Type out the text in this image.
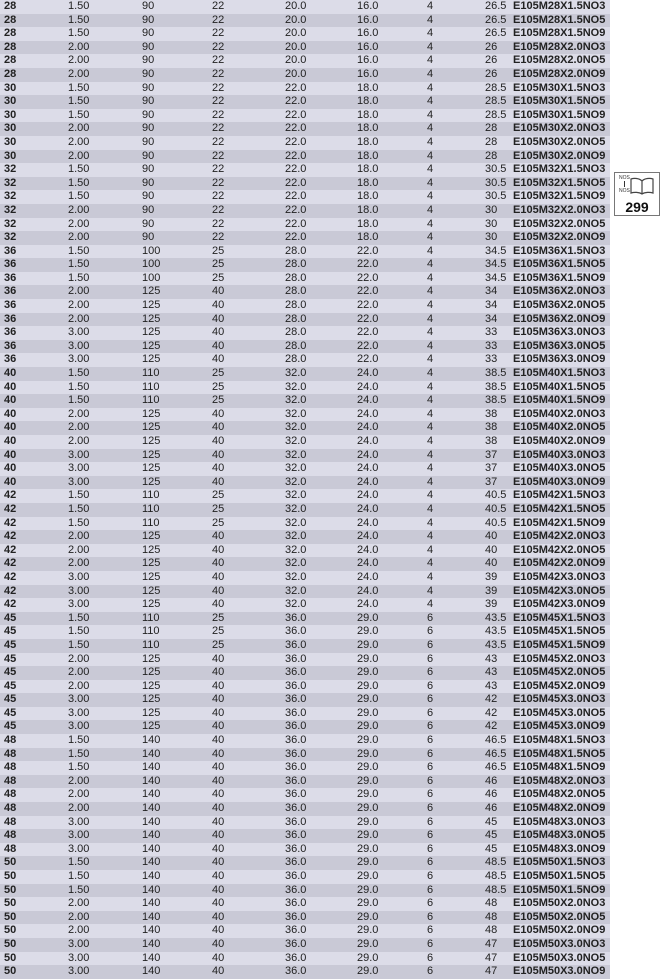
28	1.50	90	22	20.0	16.0	4	26.5 E105M28X1.5NO3
28	1.50	90	22	20.0	16.0	4	26.5 E105M28X1.5NO5
28	1.50	90	22	20.0	16.0	4	26.5 E105M28X1.5NO9
28	2.00	90	22	20.0	16.0	4	26 E105M28X2.0NO3
28	2.00	90	22	20.0	16.0	4	26 E105M28X2.0NO5
28	2.00	90	22	20.0	16.0	4	26 E105M28X2.0NO9
30	1.50	90	22	22.0	18.0	4	28.5 E105M30X1.5NO3
30	1.50	90	22	22.0	18.0	4	28.5 E105M30X1.5NO5
30	1.50	90	22	22.0	18.0	4	28.5 E105M30X1.5NO9
30	2.00	90	22	22.0	18.0	4	28 E105M30X2.0NO3
30	2.00	90	22	22.0	18.0	4	28 E105M30X2.0NO5
30	2.00	90	22	22.0	18.0	4	28 E105M30X2.0NO9
32	1.50	90	22	22.0	18.0	4	30.5 E105M32X1.5NO3
32	1.50	90	22	22.0	18.0	4	30.5 E105M32X1.5NO5
32	1.50	90	22	22.0	18.0	4	30.5 E105M32X1.5NO9
32	2.00	90	22	22.0	18.0	4	30 E105M32X2.0NO3
32	2.00	90	22	22.0	18.0	4	30 E105M32X2.0NO5
32	2.00	90	22	22.0	18.0	4	30 E105M32X2.0NO9
36	1.50	100	25	28.0	22.0	4	34.5 E105M36X1.5NO3
36	1.50	100	25	28.0	22.0	4	34.5 E105M36X1.5NO5
36	1.50	100	25	28.0	22.0	4	34.5 E105M36X1.5NO9
36	2.00	125	40	28.0	22.0	4	34 E105M36X2.0NO3
36	2.00	125	40	28.0	22.0	4	34 E105M36X2.0NO5
36	2.00	125	40	28.0	22.0	4	34 E105M36X2.0NO9
36	3.00	125	40	28.0	22.0	4	33 E105M36X3.0NO3
36	3.00	125	40	28.0	22.0	4	33 E105M36X3.0NO5
36	3.00	125	40	28.0	22.0	4	33 E105M36X3.0NO9
40	1.50	110	25	32.0	24.0	4	38.5 E105M40X1.5NO3
40	1.50	110	25	32.0	24.0	4	38.5 E105M40X1.5NO5
40	1.50	110	25	32.0	24.0	4	38.5 E105M40X1.5NO9
40	2.00	125	40	32.0	24.0	4	38 E105M40X2.0NO3
40	2.00	125	40	32.0	24.0	4	38 E105M40X2.0NO5
40	2.00	125	40	32.0	24.0	4	38 E105M40X2.0NO9
40	3.00	125	40	32.0	24.0	4	37 E105M40X3.0NO3
40	3.00	125	40	32.0	24.0	4	37 E105M40X3.0NO5
40	3.00	125	40	32.0	24.0	4	37 E105M40X3.0NO9
42	1.50	110	25	32.0	24.0	4	40.5 E105M42X1.5NO3
42	1.50	110	25	32.0	24.0	4	40.5 E105M42X1.5NO5
42	1.50	110	25	32.0	24.0	4	40.5 E105M42X1.5NO9
42	2.00	125	40	32.0	24.0	4	40 E105M42X2.0NO3
42	2.00	125	40	32.0	24.0	4	40 E105M42X2.0NO5
42	2.00	125	40	32.0	24.0	4	40 E105M42X2.0NO9
42	3.00	125	40	32.0	24.0	4	39 E105M42X3.0NO3
42	3.00	125	40	32.0	24.0	4	39 E105M42X3.0NO5
42	3.00	125	40	32.0	24.0	4	39 E105M42X3.0NO9
45	1.50	110	25	36.0	29.0	6	43.5 E105M45X1.5NO3
45	1.50	110	25	36.0	29.0	6	43.5 E105M45X1.5NO5
45	1.50	110	25	36.0	29.0	6	43.5 E105M45X1.5NO9
45	2.00	125	40	36.0	29.0	6	43 E105M45X2.0NO3
45	2.00	125	40	36.0	29.0	6	43 E105M45X2.0NO5
45	2.00	125	40	36.0	29.0	6	43 E105M45X2.0NO9
45	3.00	125	40	36.0	29.0	6	42 E105M45X3.0NO3
45	3.00	125	40	36.0	29.0	6	42 E105M45X3.0NO5
45	3.00	125	40	36.0	29.0	6	42 E105M45X3.0NO9
48	1.50	140	40	36.0	29.0	6	46.5 E105M48X1.5NO3
48	1.50	140	40	36.0	29.0	6	46.5 E105M48X1.5NO5
48	1.50	140	40	36.0	29.0	6	46.5 E105M48X1.5NO9
48	2.00	140	40	36.0	29.0	6	46 E105M48X2.0NO3
48	2.00	140	40	36.0	29.0	6	46 E105M48X2.0NO5
48	2.00	140	40	36.0	29.0	6	46 E105M48X2.0NO9
48	3.00	140	40	36.0	29.0	6	45 E105M48X3.0NO3
48	3.00	140	40	36.0	29.0	6	45 E105M48X3.0NO5
48	3.00	140	40	36.0	29.0	6	45 E105M48X3.0NO9
50	1.50	140	40	36.0	29.0	6	48.5 E105M50X1.5NO3
50	1.50	140	40	36.0	29.0	6	48.5 E105M50X1.5NO5
50	1.50	140	40	36.0	29.0	6	48.5 E105M50X1.5NO9
50	2.00	140	40	36.0	29.0	6	48 E105M50X2.0NO3
50	2.00	140	40	36.0	29.0	6	48 E105M50X2.0NO5
50	2.00	140	40	36.0	29.0	6	48 E105M50X2.0NO9
50	3.00	140	40	36.0	29.0	6	47 E105M50X3.0NO3
50	3.00	140	40	36.0	29.0	6	47 E105M50X3.0NO5
50	3.00	140	40	36.0	29.0	6	47 E105M50X3.0NO9
NOS

NOS
299
